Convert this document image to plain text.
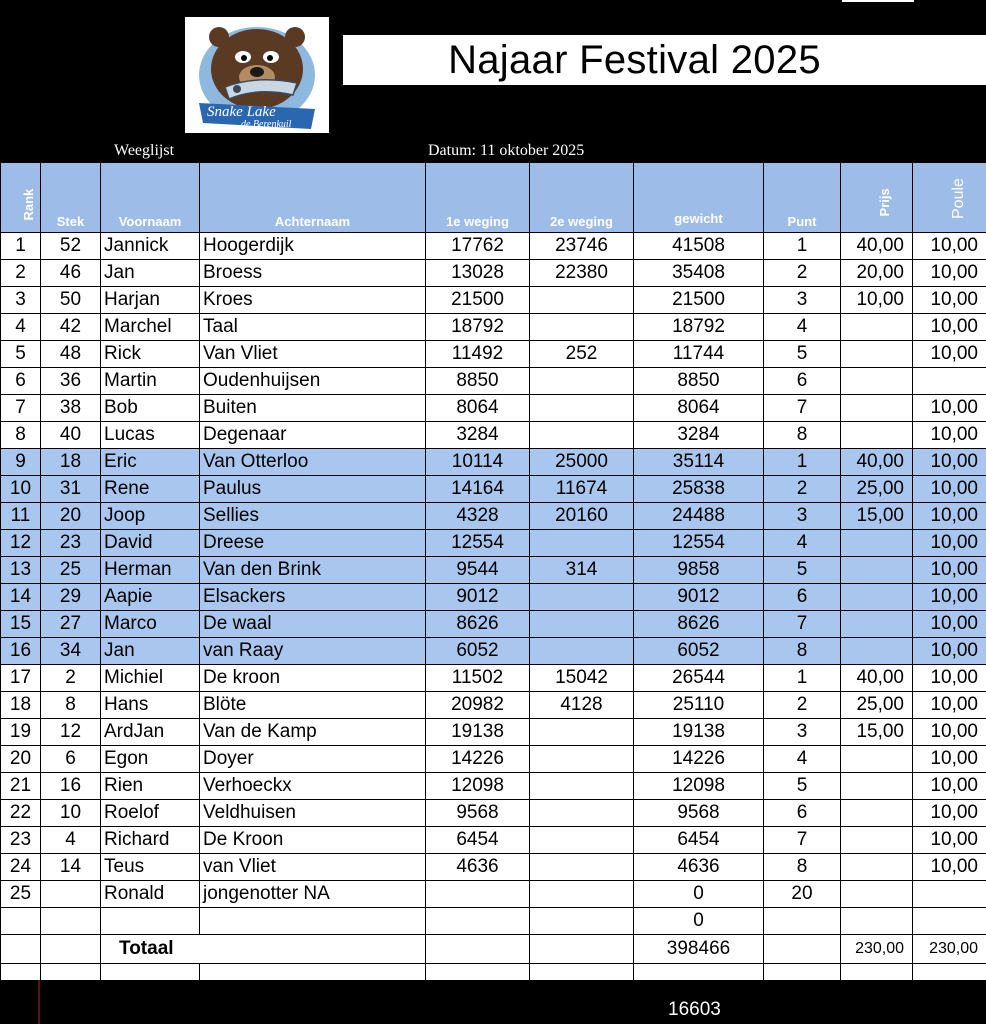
Snake Lake
de Berenkuil
Najaar Festival 2025
Weeglijst	Datum: 11 oktober 2025
Rank	Stek	Voornaam	Achternaam	1e weging	2e weging	gewicht	Punt	Prijs	Poule

1	52	Jannick	Hoogerdijk	17762	23746	41508	1	40,00	10,00
2	46	Jan	Broess	13028	22380	35408	2	20,00	10,00
3	50	Harjan	Kroes	21500		21500	3	10,00	10,00
4	42	Marchel	Taal	18792		18792	4		10,00
5	48	Rick	Van Vliet	11492	252	11744	5		10,00
6	36	Martin	Oudenhuijsen	8850		8850	6		
7	38	Bob	Buiten	8064		8064	7		10,00
8	40	Lucas	Degenaar	3284		3284	8		10,00
9	18	Eric	Van Otterloo	10114	25000	35114	1	40,00	10,00
10	31	Rene	Paulus	14164	11674	25838	2	25,00	10,00
11	20	Joop	Sellies	4328	20160	24488	3	15,00	10,00
12	23	David	Dreese	12554		12554	4		10,00
13	25	Herman	Van den Brink	9544	314	9858	5		10,00
14	29	Aapie	Elsackers	9012		9012	6		10,00
15	27	Marco	De waal	8626		8626	7		10,00
16	34	Jan	van Raay	6052		6052	8		10,00
17	2	Michiel	De kroon	11502	15042	26544	1	40,00	10,00
18	8	Hans	Blöte	20982	4128	25110	2	25,00	10,00
19	12	ArdJan	Van de Kamp	19138		19138	3	15,00	10,00
20	6	Egon	Doyer	14226		14226	4		10,00
21	16	Rien	Verhoeckx	12098		12098	5		10,00
22	10	Roelof	Veldhuisen	9568		9568	6		10,00
23	4	Richard	De Kroon	6454		6454	7		10,00
24	14	Teus	van Vliet	4636		4636	8		10,00
25		Ronald	jongenotter NA			0	20		
						0			
		Totaal				398466		230,00	230,00

16603
